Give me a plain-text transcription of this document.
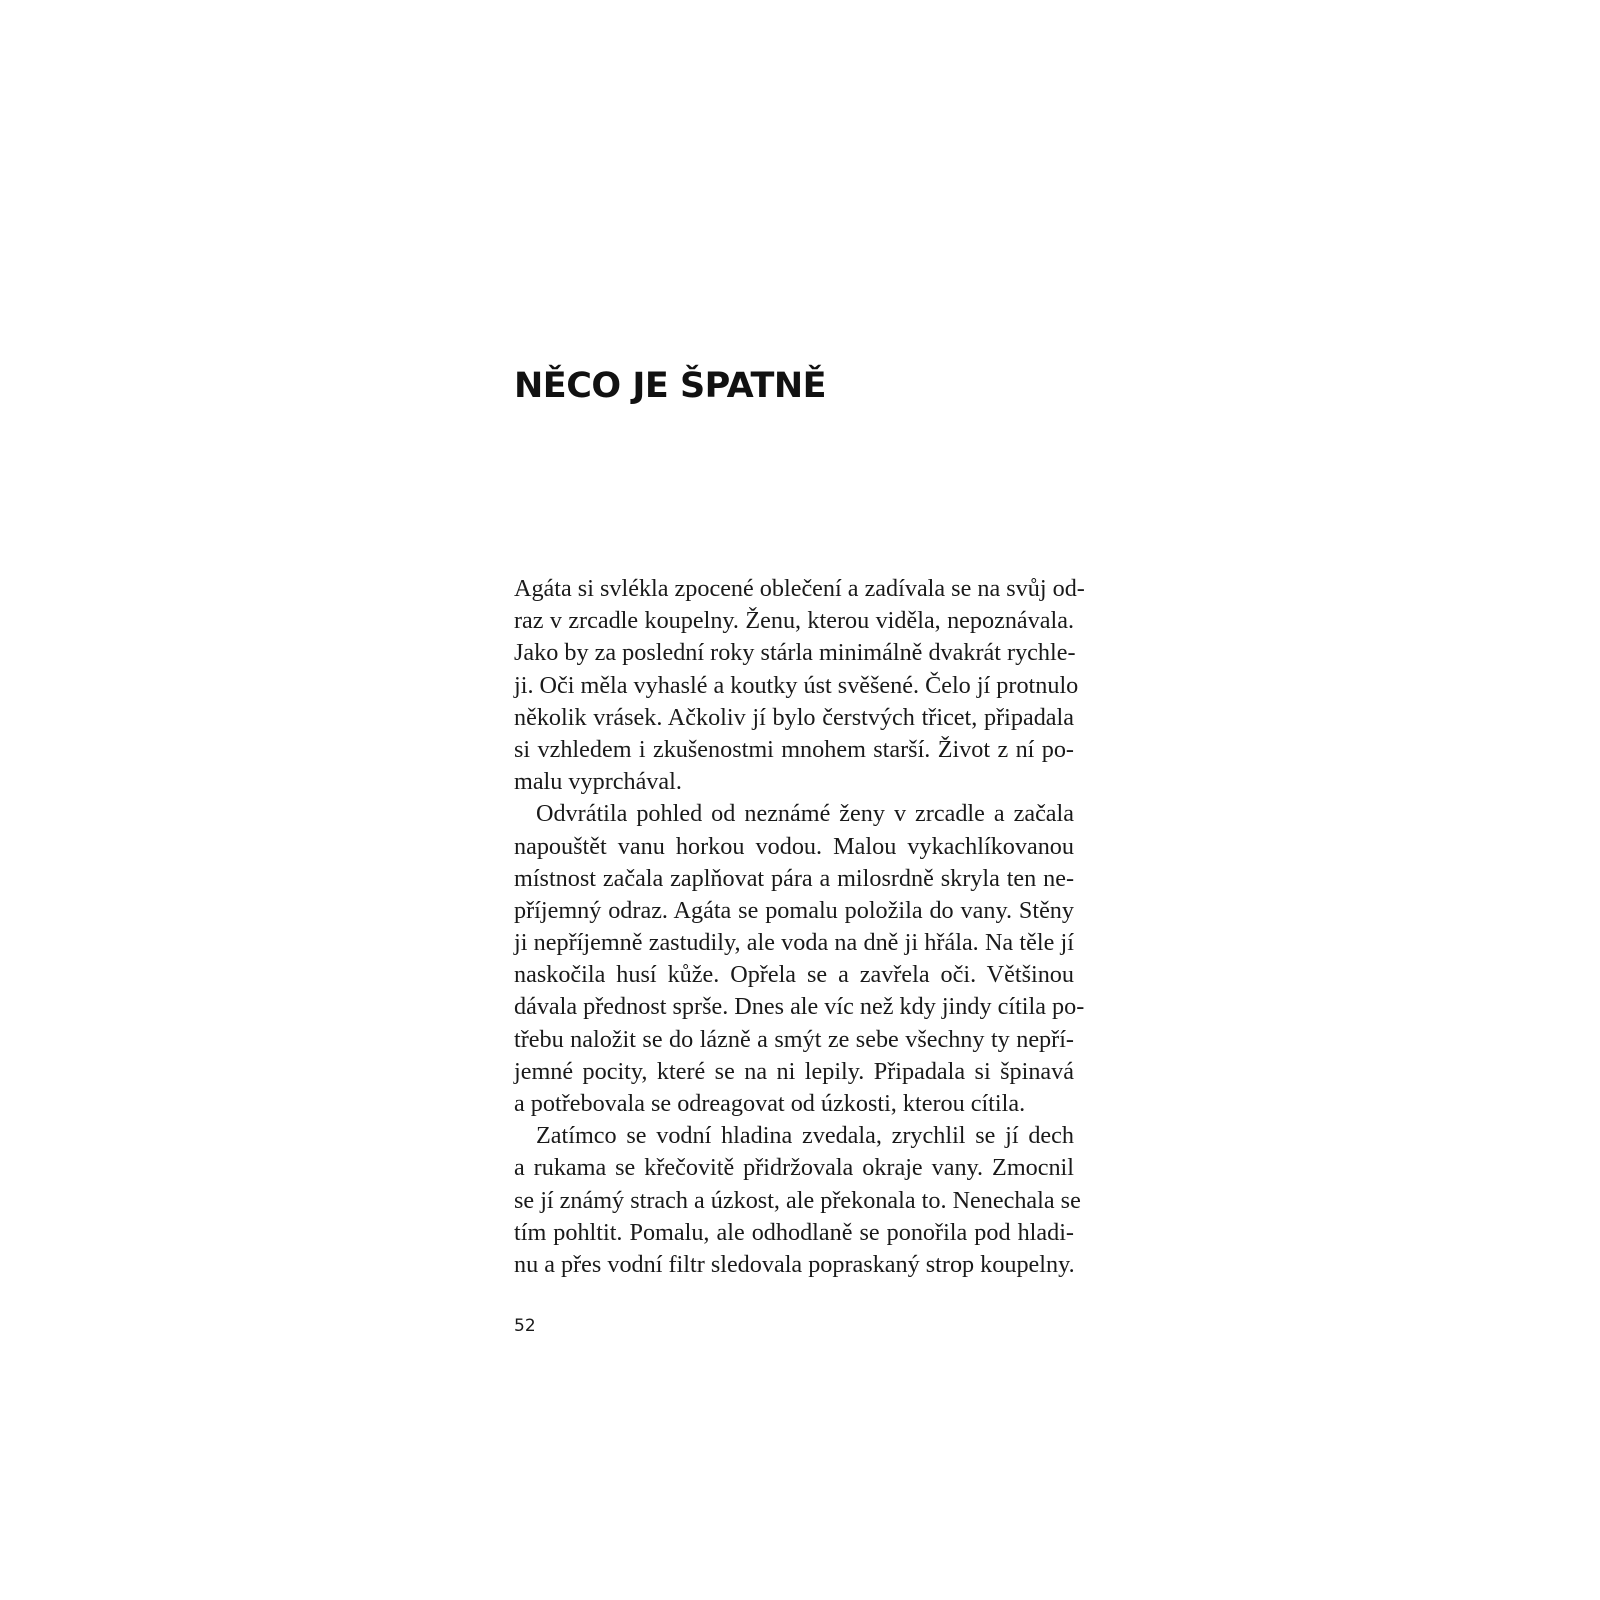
NĚCO JE ŠPATNĚ
Agáta si svlékla zpocené oblečení a zadívala se na svůj od-
raz v zrcadle koupelny. Ženu, kterou viděla, nepoznávala.
Jako by za poslední roky stárla minimálně dvakrát rychle-
ji. Oči měla vyhaslé a koutky úst svěšené. Čelo jí protnulo
několik vrásek. Ačkoliv jí bylo čerstvých třicet, připadala
si vzhledem i zkušenostmi mnohem starší. Život z ní po-
malu vyprchával.
Odvrátila pohled od neznámé ženy v zrcadle a začala
napouštět vanu horkou vodou. Malou vykachlíkovanou
místnost začala zaplňovat pára a milosrdně skryla ten ne-
příjemný odraz. Agáta se pomalu položila do vany. Stěny
ji nepříjemně zastudily, ale voda na dně ji hřála. Na těle jí
naskočila husí kůže. Opřela se a zavřela oči. Většinou
dávala přednost sprše. Dnes ale víc než kdy jindy cítila po-
třebu naložit se do lázně a smýt ze sebe všechny ty nepří-
jemné pocity, které se na ni lepily. Připadala si špinavá
a potřebovala se odreagovat od úzkosti, kterou cítila.
Zatímco se vodní hladina zvedala, zrychlil se jí dech
a rukama se křečovitě přidržovala okraje vany. Zmocnil
se jí známý strach a úzkost, ale překonala to. Nenechala se
tím pohltit. Pomalu, ale odhodlaně se ponořila pod hladi-
nu a přes vodní filtr sledovala popraskaný strop koupelny.

52
